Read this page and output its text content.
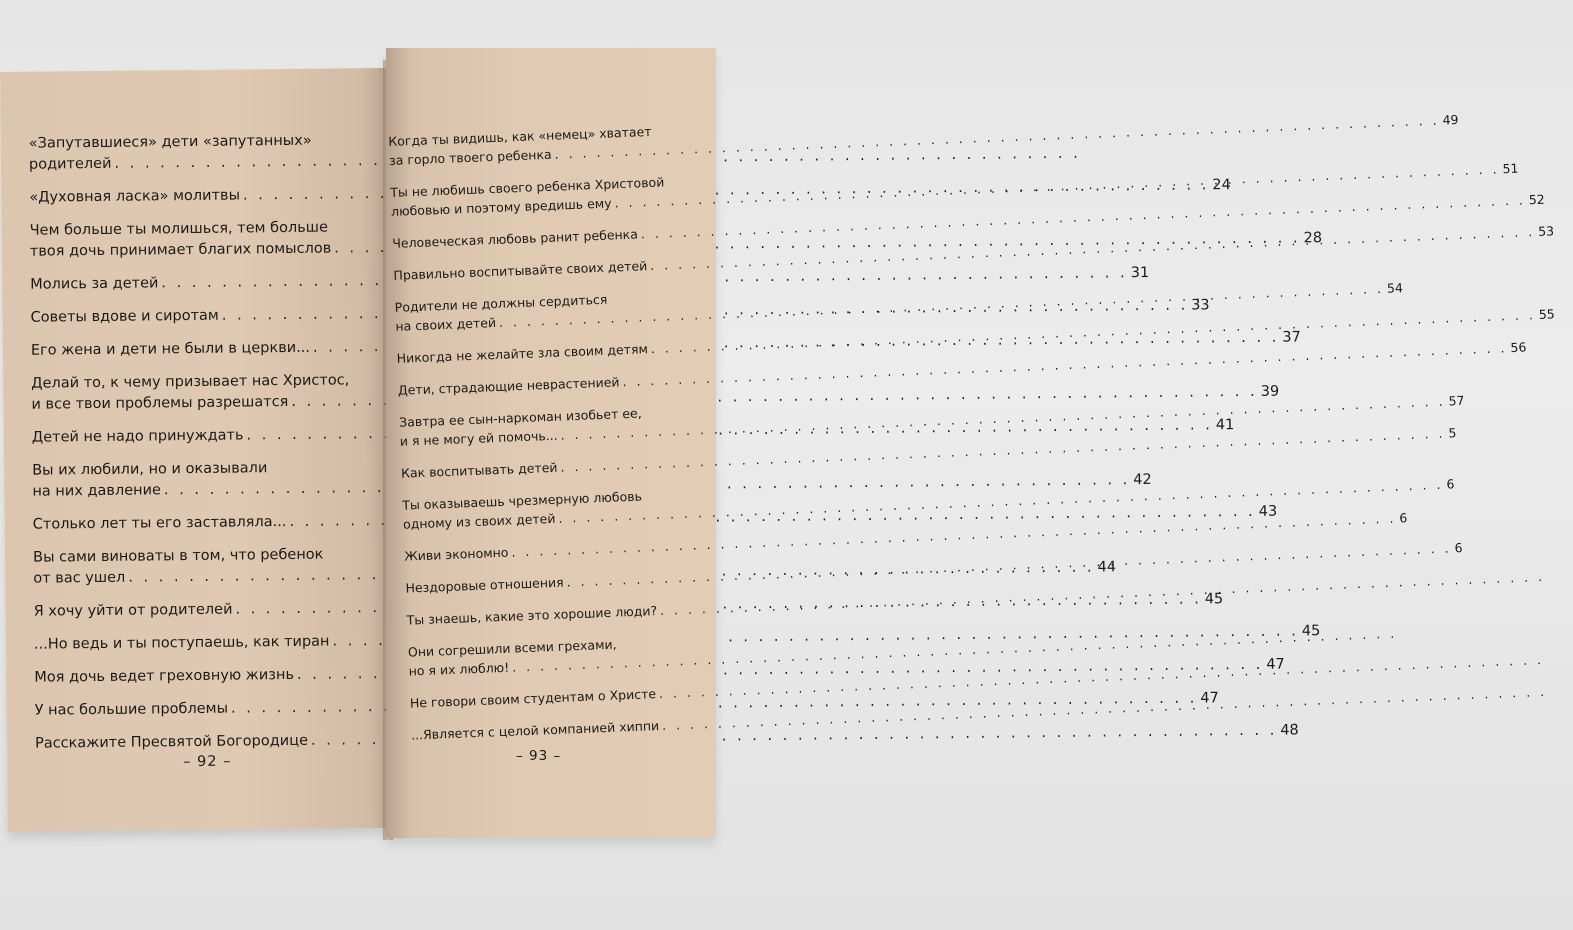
«Запутавшиеся» дети «запутанных»
родителей
. . .
«Духовная ласка» молитвы
. . .
24
Чем больше ты молишься, тем больше
твоя дочь принимает благих помыслов
. . .
28
Молись за детей
. . .
31
Советы вдове и сиротам
. . .
33
Его жена и дети не были в церкви...
. . .
37
Делай то, к чему призывает нас Христос,
и все твои проблемы разрешатся
. . .
39
Детей не надо принуждать
. . .
41
Вы их любили, но и оказывали
на них давление
. . .
42
Столько лет ты его заставляла...
. . .
43
Вы сами виноваты в том, что ребенок
от вас ушел
. . .
44
Я хочу уйти от родителей
. . .
45
...Но ведь и ты поступаешь, как тиран
. . .
45
Моя дочь ведет греховную жизнь
. . .
47
У нас большие проблемы
. . .
47
Расскажите Пресвятой Богородице
. . .
48
– 92 –
Когда ты видишь, как «немец» хватает
за горло твоего ребенка
. . .
49
Ты не любишь своего ребенка Христовой
любовью и поэтому вредишь ему
. . .
51
Человеческая любовь ранит ребенка
. . .
52
Правильно воспитывайте своих детей
. . .
53
Родители не должны сердиться
на своих детей
. . .
54
Никогда не желайте зла своим детям
. . .
55
Дети, страдающие неврастенией
. . .
56
Завтра ее сын-наркоман изобьет ее,
и я не могу ей помочь...
. . .
57
Как воспитывать детей
. . .
5
Ты оказываешь чрезмерную любовь
одному из своих детей
. . .
6
Живи экономно
. . .
6
Нездоровые отношения
. . .
6
Ты знаешь, какие это хорошие люди?
. . .
Они согрешили всеми грехами,
но я их люблю!
. . .
Не говори своим студентам о Христе
. . .
...Является с целой компанией хиппи
. . .
– 93 –
